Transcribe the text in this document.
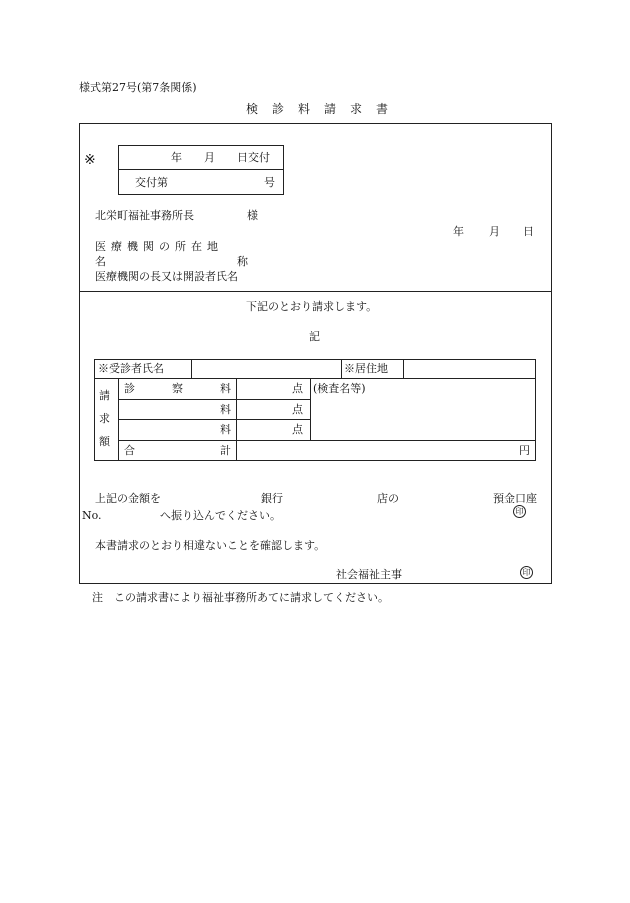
様式第27号(第7条関係)
検　診　料　請　求　書
※	年　　月　　日交付
交付第	号
北栄町福祉事務所長	様
年 月 日
医療機関の所在地
名	称
医療機関の長又は開設者氏名
下記のとおり請求します。
記
※受診者氏名	※居住地
請
求
額
診	察	料	点
料	点
料	点
(検査名等)
合	計	円
上記の金額を	銀行	店の	預金口座
No.	へ振り込んでください。	印
本書請求のとおり相違ないことを確認します。
社会福祉主事	印
注　この請求書により福祉事務所あてに請求してください。
